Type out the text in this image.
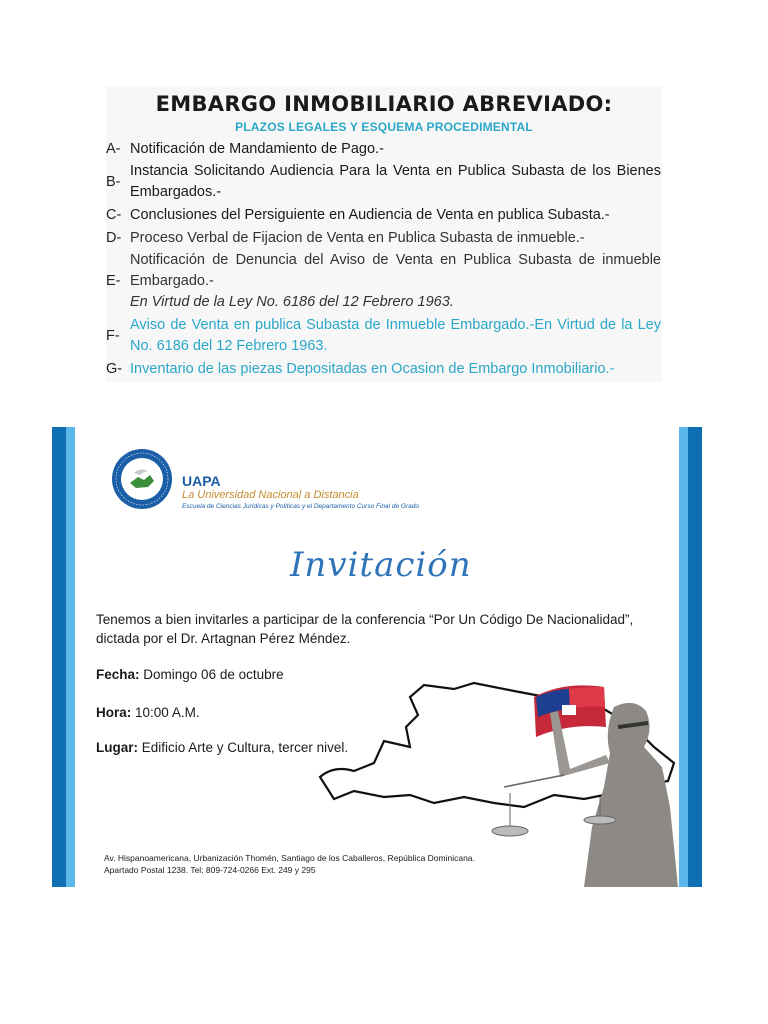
EMBARGO INMOBILIARIO ABREVIADO:
PLAZOS LEGALES Y ESQUEMA PROCEDIMENTAL
A- Notificación de Mandamiento de Pago.-
B-
Instancia Solicitando Audiencia Para la Venta en Publica Subasta de los Bienes Embargados.-
C- Conclusiones del Persiguiente en Audiencia de Venta en publica Subasta.-
D- Proceso Verbal de Fijacion de Venta en Publica Subasta de inmueble.-
E-
Notificación de Denuncia del Aviso de Venta en Publica Subasta de inmueble Embargado.-
En Virtud de la Ley No. 6186 del 12 Febrero 1963.
F-
Aviso de Venta en publica Subasta de Inmueble Embargado.-En Virtud de la Ley No. 6186 del 12 Febrero 1963.
G- Inventario de las piezas Depositadas en Ocasion de Embargo Inmobiliario.-
UAPA
La Universidad Nacional a Distancia
Escuela de Ciencias Jurídicas y Políticas y el Departamento Curso Final de Grado
Invitación
Tenemos a bien invitarles a participar de la conferencia “Por Un Código De Nacionalidad”, dictada por el Dr. Artagnan Pérez Méndez.
Fecha: Domingo 06 de octubre
Hora: 10:00 A.M.
Lugar: Edificio Arte y Cultura, tercer nivel.
Av. Hispanoamericana, Urbanización Thomén, Santiago de los Caballeros, República Dominicana.
Apartado Postal 1238. Tel: 809-724-0266 Ext. 249 y 295
